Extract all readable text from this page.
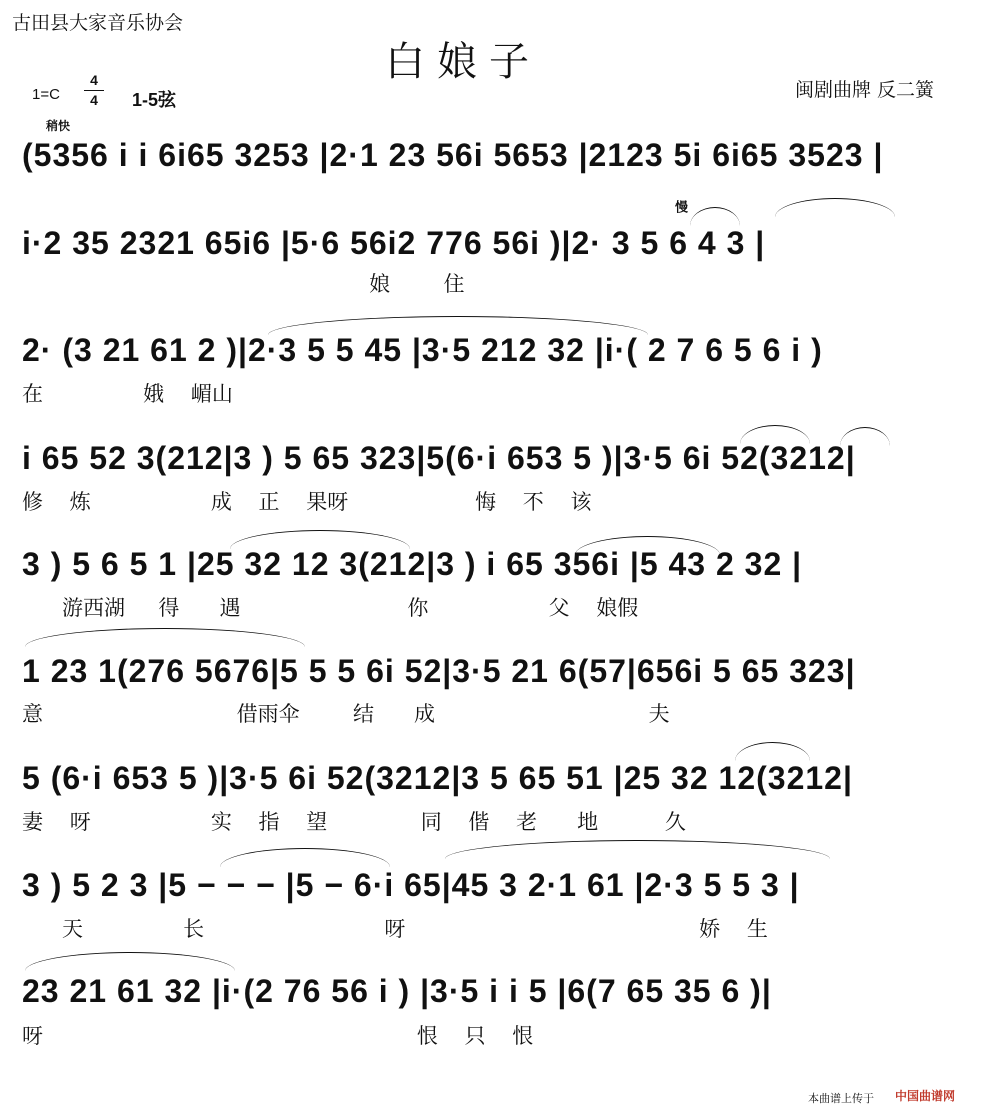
古田县大家音乐协会
白娘子
闽剧曲牌 反二簧
1=C
4
4	1-5弦
稍快
慢
(5356 i i 6i65 3253 |2·1 23 56i 5653 |2123 5i 6i65 3523 |
i·2 35 2321 65i6 |5·6 56i2 776 56i )|2· 3 5 6 4 3 |
娘        住
2· (3 21 61 2 )|2·3 5 5 45 |3·5 212 32 |i·( 2 7 6 5 6 i )
在               娥    嵋山
i 65 52 3(212|3 ) 5 65 323|5(6·i 653 5 )|3·5 6i 52(3212|
修    炼                  成    正    果呀                   悔    不    该
3 ) 5 6 5 1 |25 32 12 3(212|3 ) i 65 356i |5 43 2 32 |
游西湖     得      遇                         你                  父    娘假
1 23 1(276 5676|5 5 5 6i 52|3·5 21 6(57|656i 5 65 323|
意                             借雨伞        结      成                                夫
5 (6·i 653 5 )|3·5 6i 52(3212|3 5 65 51 |25 32 12(3212|
妻    呀                  实    指    望              同    偕    老      地          久
3 ) 5 2 3 |5 − − − |5 − 6·i 65|45 3 2·1 61 |2·3 5 5 3 |
天               长                           呀                                            娇    生
23 21 61 32 |i·(2 76 56 i ) |3·5 i i 5 |6(7 65 35 6 )|
呀                                                        恨    只    恨
本曲谱上传于 中国曲谱网
